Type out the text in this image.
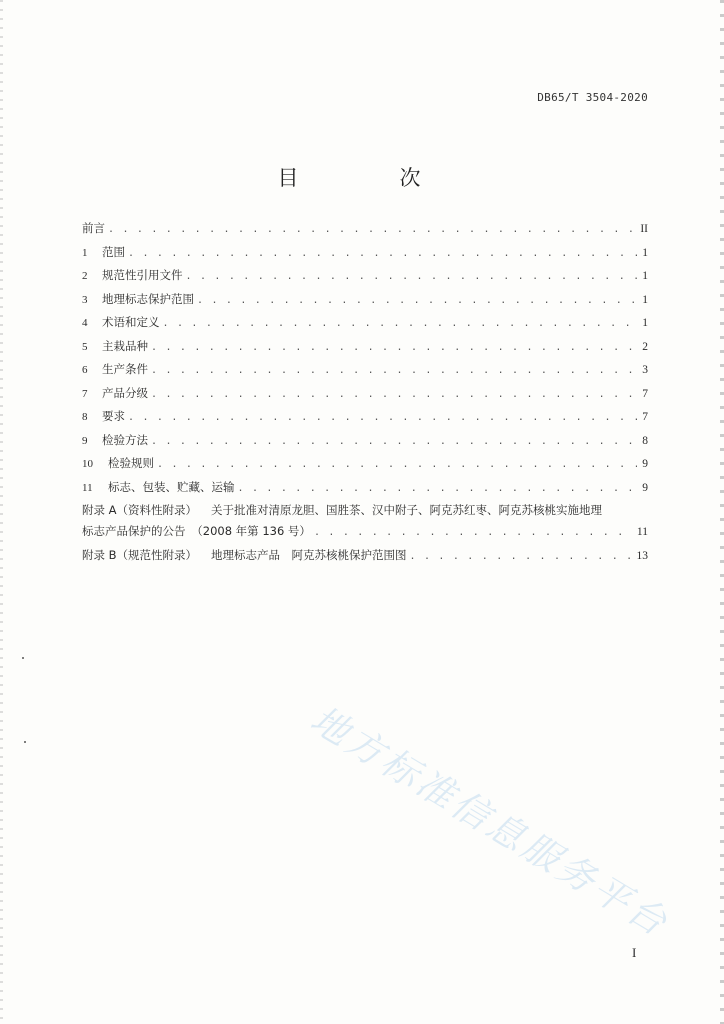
DB65/T 3504-2020
目　次
前言 . . .	II
1	范围 . . .	1
2	规范性引用文件 . . .	1
3	地理标志保护范围 . . .	1
4	术语和定义 . . .	1
5	主栽品种 . . .	2
6	生产条件 . . .	3
7	产品分级 . . .	7
8	要求 . . .	7
9	检验方法 . . .	8
10	检验规则 . . .	9
11	标志、包装、贮藏、运输 . . .	9
附录 A（资料性附录） 关于批准对清原龙胆、国胜茶、汉中附子、阿克苏红枣、阿克苏核桃实施地理
标志产品保护的公告　（2008 年第 136 号） . . .	11
附录 B（规范性附录） 地理标志产品　阿克苏核桃保护范围图 . . .	13
地方标准信息服务平台
I
